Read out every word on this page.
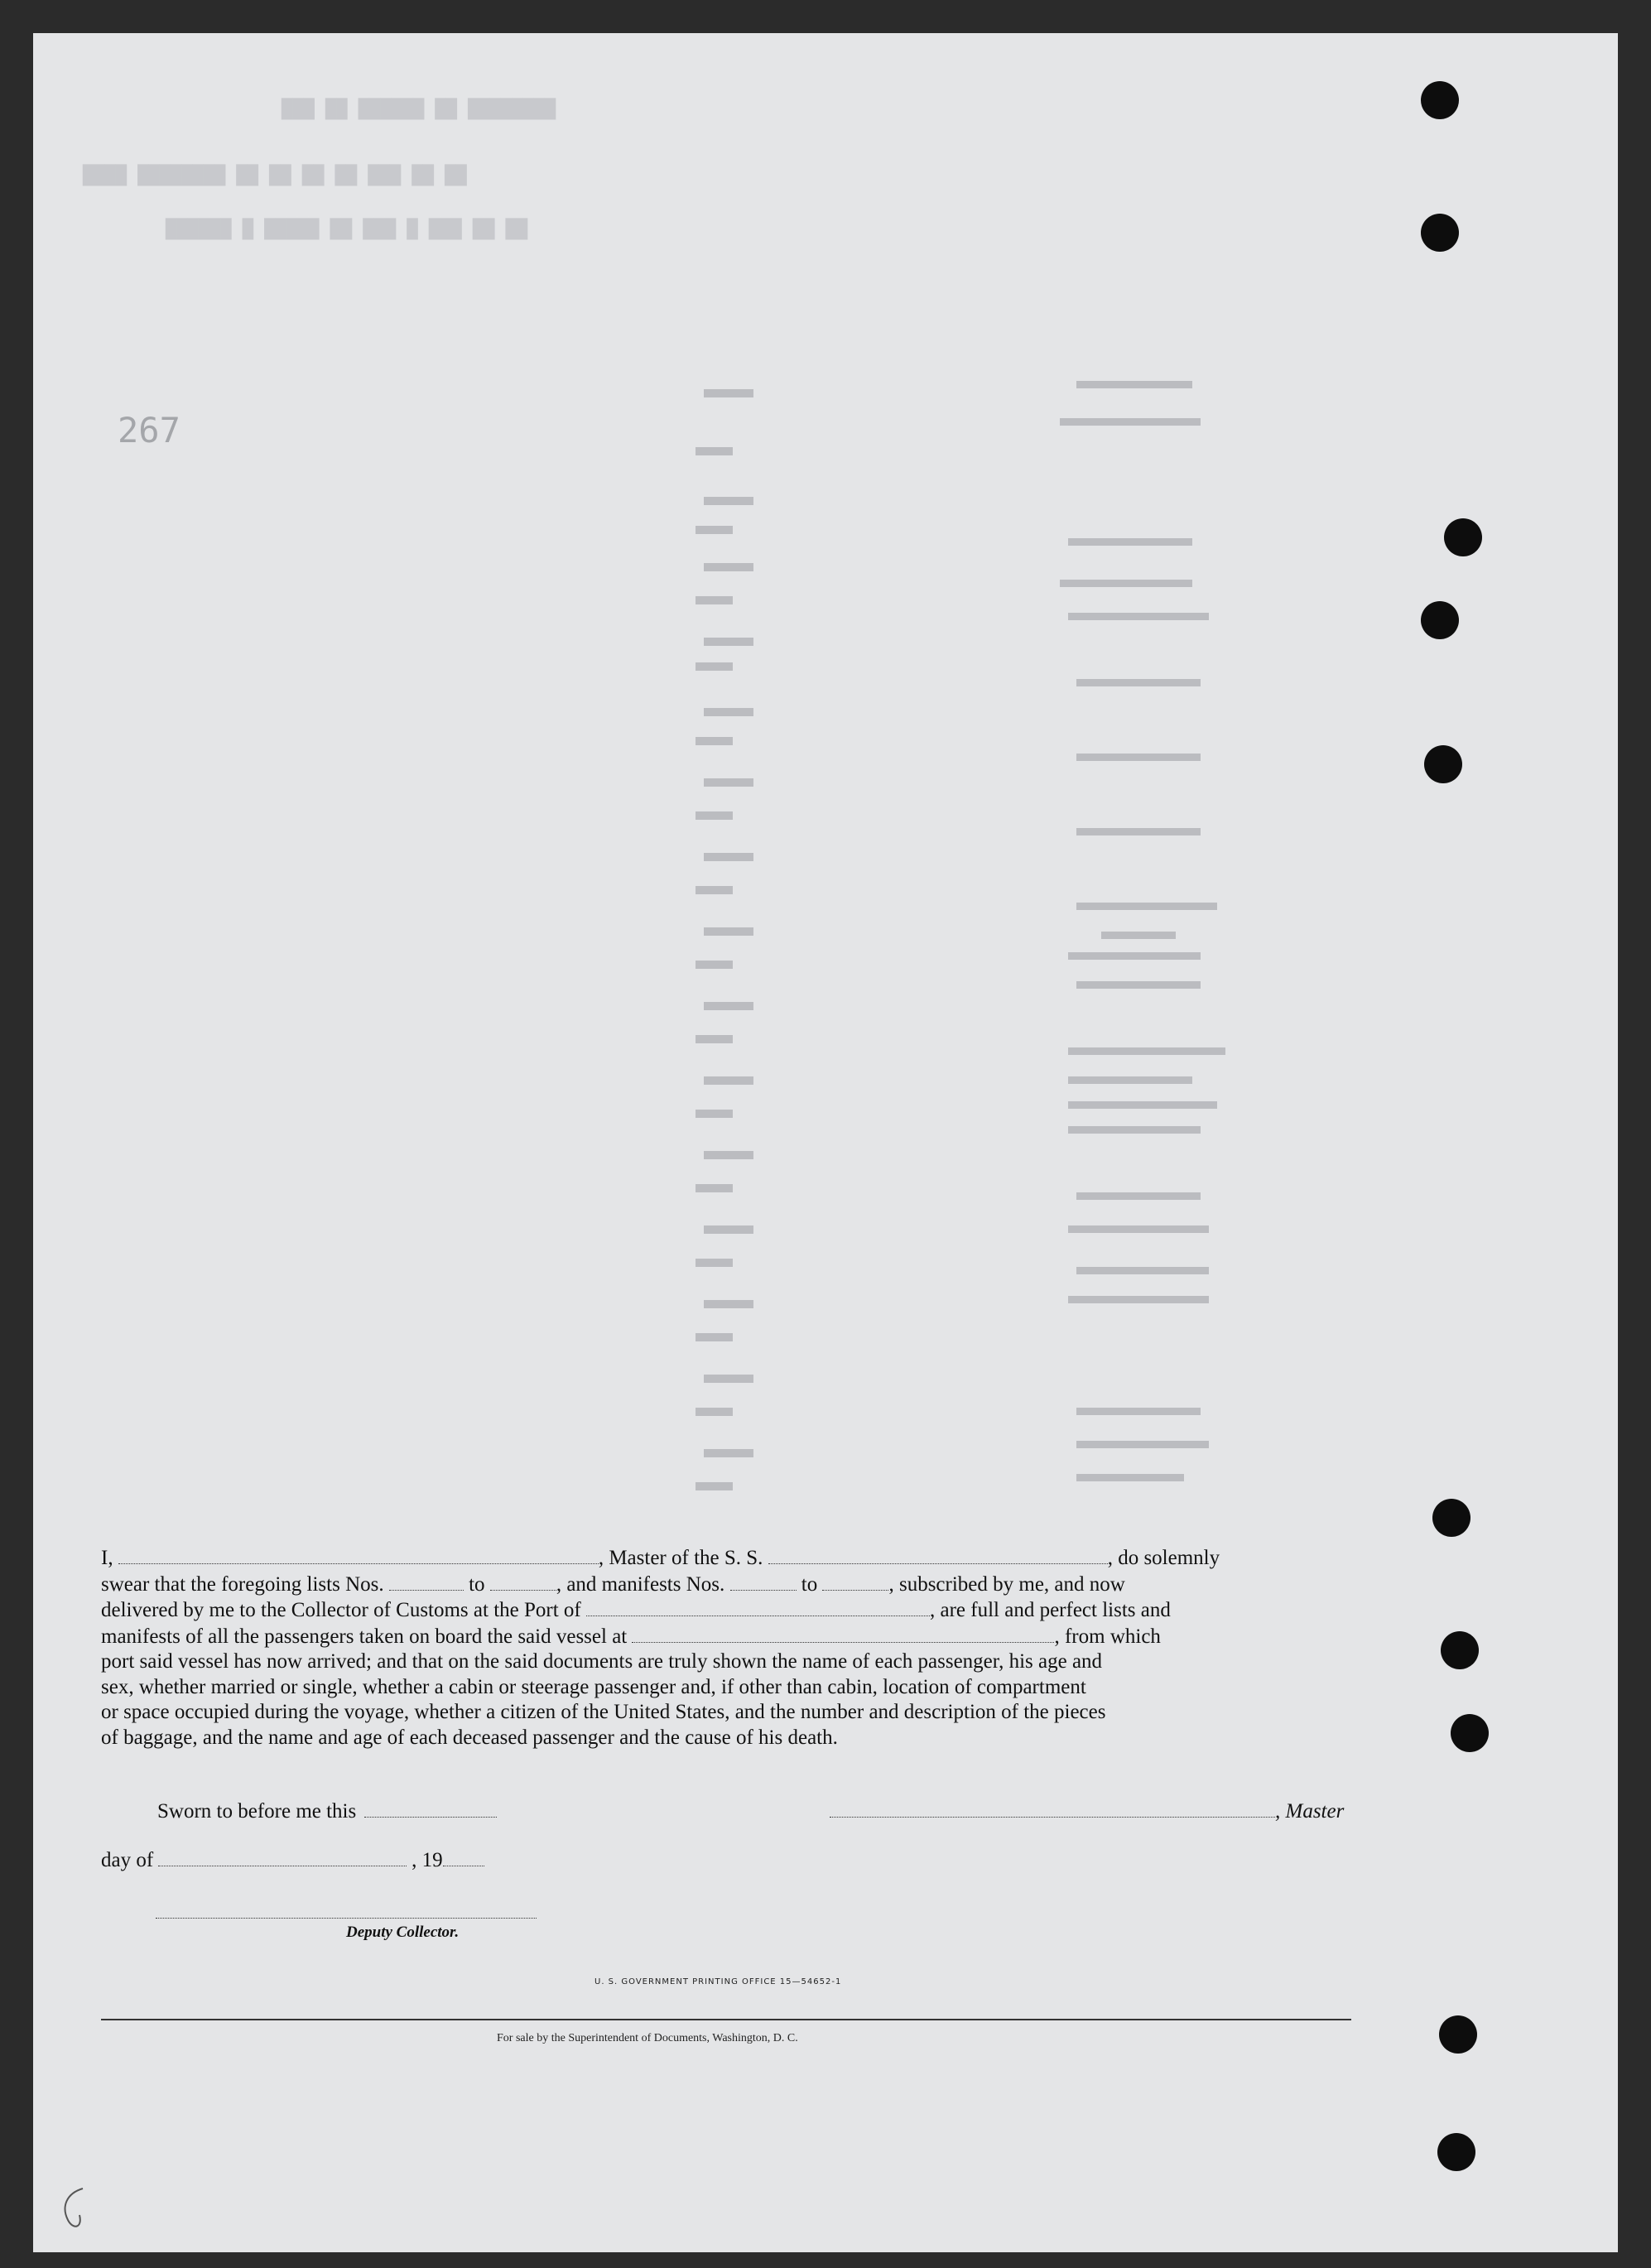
███ ██ ██████ ██ ████████
████ ████████ ██ ██ ██ ██ ███ ██ ██
██████ █ █████ ██ ███ █ ███ ██ ██
267
I,	, Master of the S. S.	, do solemnly
swear that the foregoing lists Nos.	to	, and manifests Nos.	to	, subscribed by me, and now
delivered by me to the Collector of Customs at the Port of	, are full and perfect lists and
manifests of all the passengers taken on board the said vessel at	, from which
port said vessel has now arrived; and that on the said documents are truly shown the name of each passenger, his age and
sex, whether married or single, whether a cabin or steerage passenger and, if other than cabin, location of compartment
or space occupied during the voyage, whether a citizen of the United States, and the number and description of the pieces
of baggage, and the name and age of each deceased passenger and the cause of his death.
Sworn to before me this	, Master
day of	, 19
Deputy Collector.
U. S. GOVERNMENT PRINTING OFFICE 15—54652-1
For sale by the Superintendent of Documents, Washington, D. C.
